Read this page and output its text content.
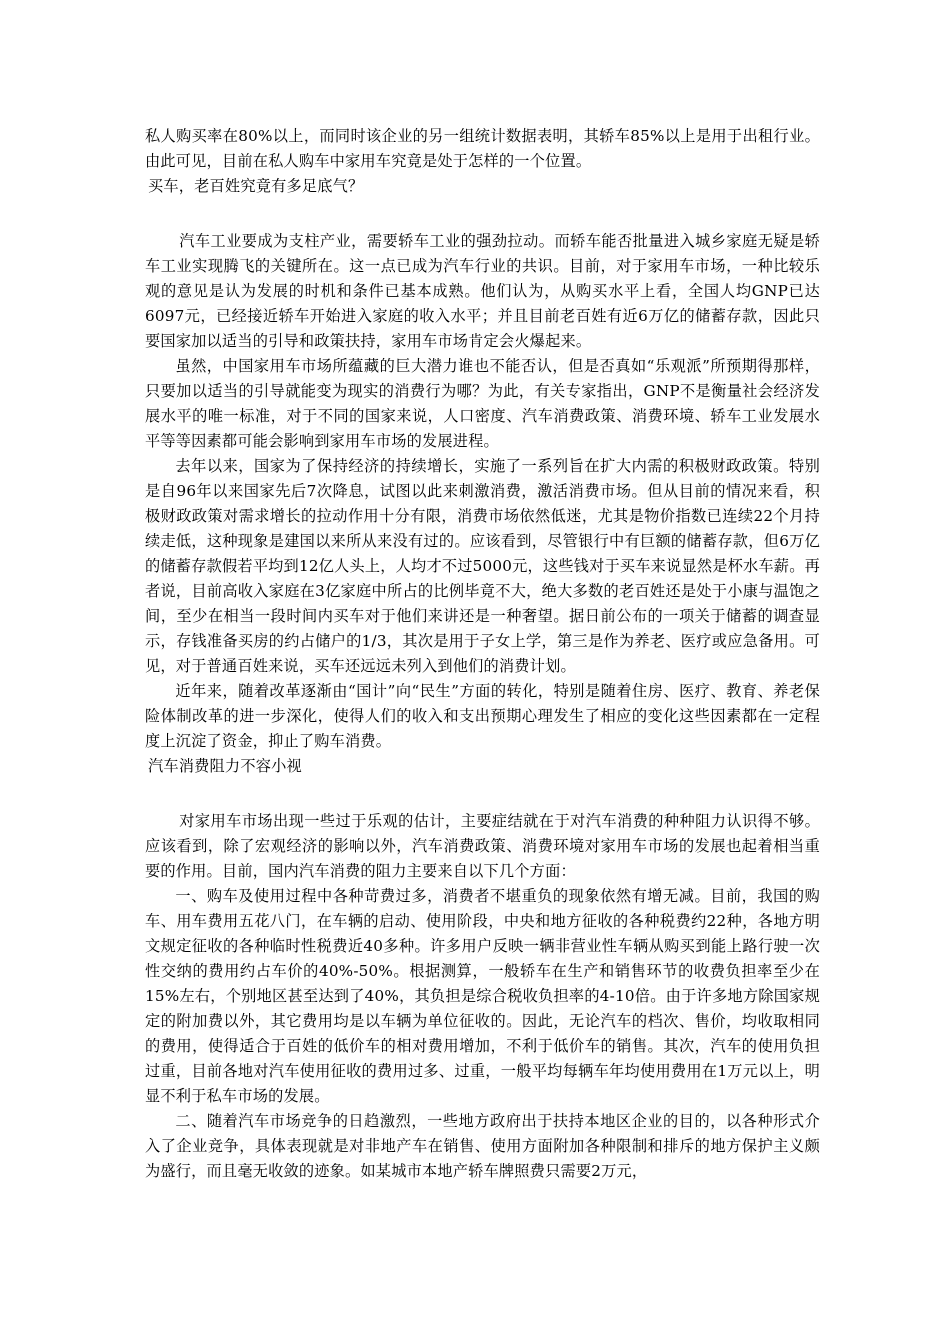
私人购买率在80%以上，而同时该企业的另一组统计数据表明，其轿车85%以上是用于出租行业。由此可见，目前在私人购车中家用车究竟是处于怎样的一个位置。

买车，老百姓究竟有多足底气？

汽车工业要成为支柱产业，需要轿车工业的强劲拉动。而轿车能否批量进入城乡家庭无疑是轿车工业实现腾飞的关键所在。这一点已成为汽车行业的共识。目前，对于家用车市场，一种比较乐观的意见是认为发展的时机和条件已基本成熟。他们认为，从购买水平上看，全国人均GNP已达6097元，已经接近轿车开始进入家庭的收入水平；并且目前老百姓有近6万亿的储蓄存款，因此只要国家加以适当的引导和政策扶持，家用车市场肯定会火爆起来。

虽然，中国家用车市场所蕴藏的巨大潜力谁也不能否认，但是否真如“乐观派”所预期得那样，只要加以适当的引导就能变为现实的消费行为哪？为此，有关专家指出，GNP不是衡量社会经济发展水平的唯一标准，对于不同的国家来说，人口密度、汽车消费政策、消费环境、轿车工业发展水平等等因素都可能会影响到家用车市场的发展进程。

去年以来，国家为了保持经济的持续增长，实施了一系列旨在扩大内需的积极财政政策。特别是自96年以来国家先后7次降息，试图以此来刺激消费，激活消费市场。但从目前的情况来看，积极财政政策对需求增长的拉动作用十分有限，消费市场依然低迷，尤其是物价指数已连续22个月持续走低，这种现象是建国以来所从来没有过的。应该看到，尽管银行中有巨额的储蓄存款，但6万亿的储蓄存款假若平均到12亿人头上，人均才不过5000元，这些钱对于买车来说显然是杯水车薪。再者说，目前高收入家庭在3亿家庭中所占的比例毕竟不大，绝大多数的老百姓还是处于小康与温饱之间，至少在相当一段时间内买车对于他们来讲还是一种奢望。据日前公布的一项关于储蓄的调查显示，存钱准备买房的约占储户的1/3，其次是用于子女上学，第三是作为养老、医疗或应急备用。可见，对于普通百姓来说，买车还远远未列入到他们的消费计划。

近年来，随着改革逐渐由“国计”向“民生”方面的转化，特别是随着住房、医疗、教育、养老保险体制改革的进一步深化，使得人们的收入和支出预期心理发生了相应的变化这些因素都在一定程度上沉淀了资金，抑止了购车消费。

汽车消费阻力不容小视

对家用车市场出现一些过于乐观的估计，主要症结就在于对汽车消费的种种阻力认识得不够。应该看到，除了宏观经济的影响以外，汽车消费政策、消费环境对家用车市场的发展也起着相当重要的作用。目前，国内汽车消费的阻力主要来自以下几个方面：

一、购车及使用过程中各种苛费过多，消费者不堪重负的现象依然有增无减。目前，我国的购车、用车费用五花八门，在车辆的启动、使用阶段，中央和地方征收的各种税费约22种，各地方明文规定征收的各种临时性税费近40多种。许多用户反映一辆非营业性车辆从购买到能上路行驶一次性交纳的费用约占车价的40%-50%。根据测算，一般轿车在生产和销售环节的收费负担率至少在15%左右，个别地区甚至达到了40%，其负担是综合税收负担率的4-10倍。由于许多地方除国家规定的附加费以外，其它费用均是以车辆为单位征收的。因此，无论汽车的档次、售价，均收取相同的费用，使得适合于百姓的低价车的相对费用增加，不利于低价车的销售。其次，汽车的使用负担过重，目前各地对汽车使用征收的费用过多、过重，一般平均每辆车年均使用费用在1万元以上，明显不利于私车市场的发展。

二、随着汽车市场竞争的日趋激烈，一些地方政府出于扶持本地区企业的目的，以各种形式介入了企业竞争，具体表现就是对非地产车在销售、使用方面附加各种限制和排斥的地方保护主义颇为盛行，而且毫无收敛的迹象。如某城市本地产轿车牌照费只需要2万元，
